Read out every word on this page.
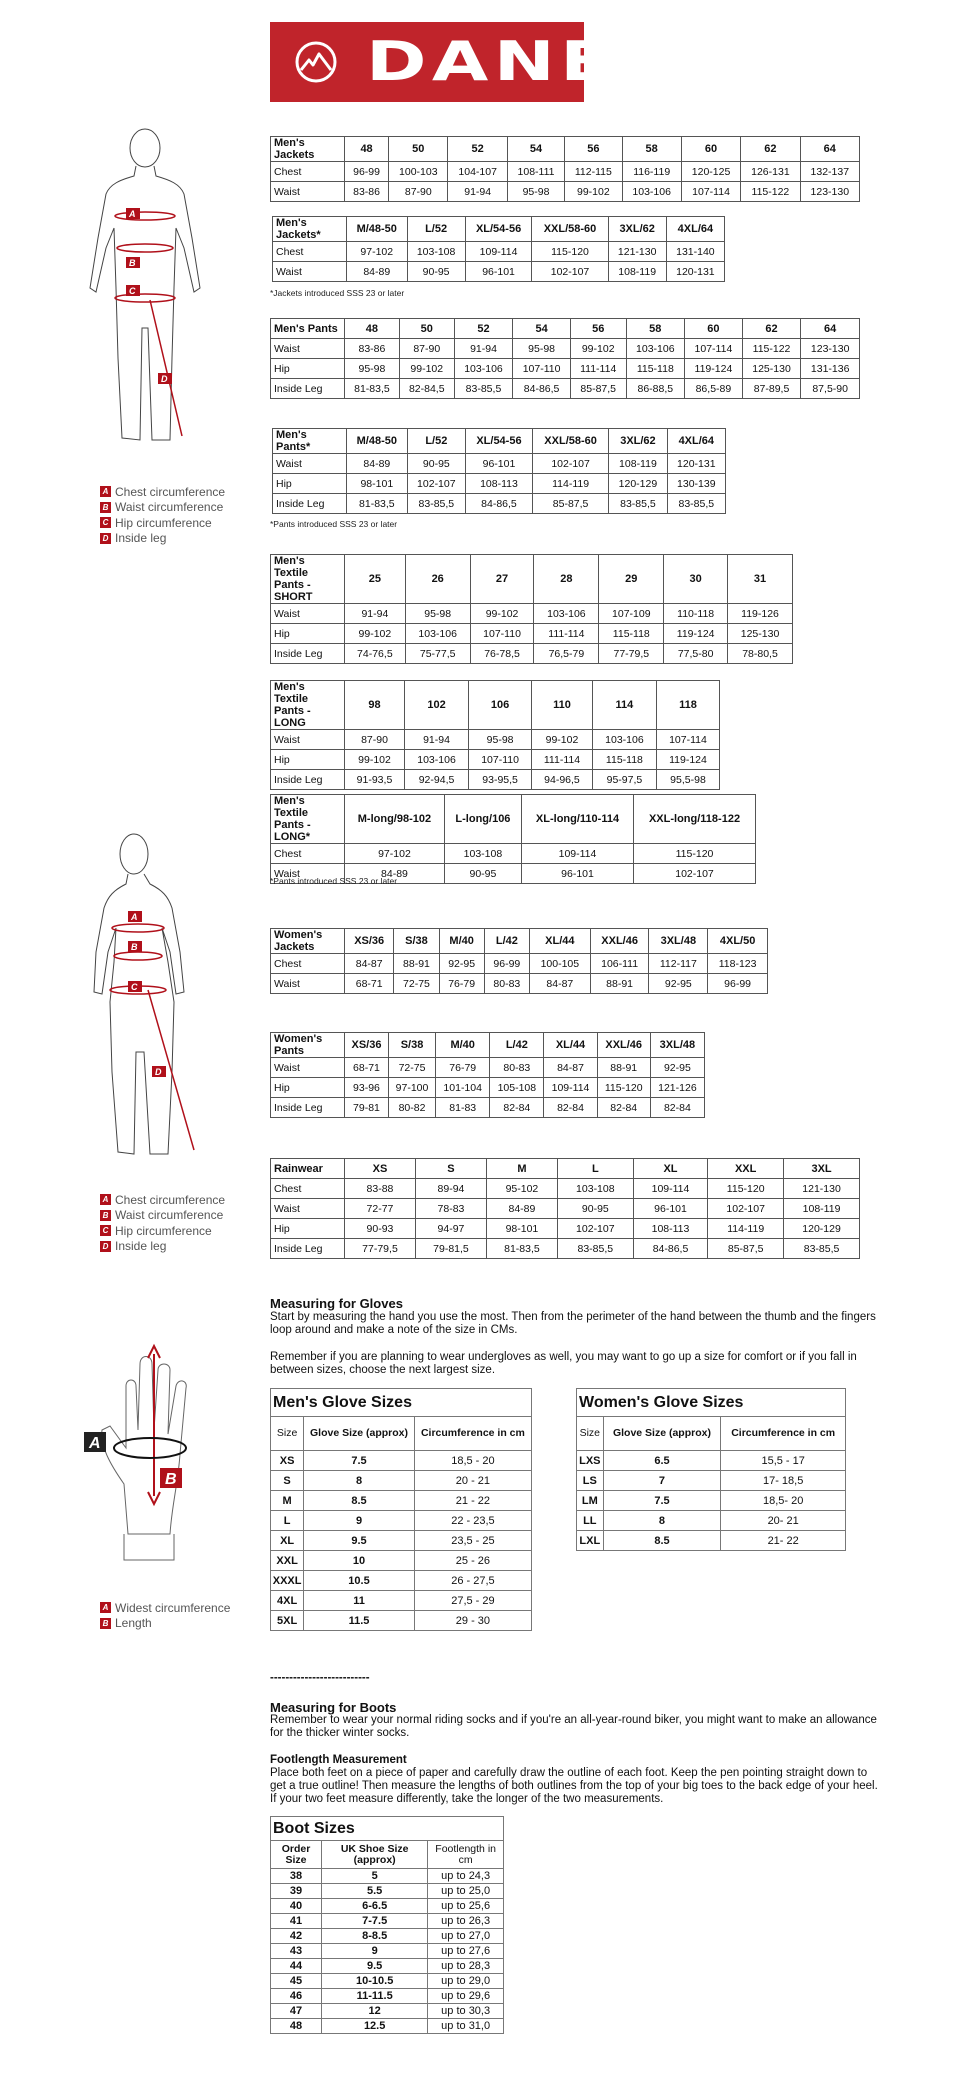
DANE
A
B
C
D
A Chest circumference
B Waist circumference
C Hip circumference
D Inside leg
A
B
C
D
A Chest circumference
B Waist circumference
C Hip circumference
D Inside leg
Men's Jackets	48	50	52	54	56	58	60	62	64
Chest	96-99	100-103	104-107	108-111	112-115	116-119	120-125	126-131	132-137
Waist	83-86	87-90	91-94	95-98	99-102	103-106	107-114	115-122	123-130
Men's Jackets*	M/48-50	L/52	XL/54-56	XXL/58-60	3XL/62	4XL/64
Chest	97-102	103-108	109-114	115-120	121-130	131-140
Waist	84-89	90-95	96-101	102-107	108-119	120-131
*Jackets introduced SSS 23 or later
Men's Pants	48	50	52	54	56	58	60	62	64
Waist	83-86	87-90	91-94	95-98	99-102	103-106	107-114	115-122	123-130
Hip	95-98	99-102	103-106	107-110	111-114	115-118	119-124	125-130	131-136
Inside Leg	81-83,5	82-84,5	83-85,5	84-86,5	85-87,5	86-88,5	86,5-89	87-89,5	87,5-90
Men's Pants*	M/48-50	L/52	XL/54-56	XXL/58-60	3XL/62	4XL/64
Waist	84-89	90-95	96-101	102-107	108-119	120-131
Hip	98-101	102-107	108-113	114-119	120-129	130-139
Inside Leg	81-83,5	83-85,5	84-86,5	85-87,5	83-85,5	83-85,5
*Pants introduced SSS 23 or later
Men's Textile Pants - SHORT	25	26	27	28	29	30	31
Waist	91-94	95-98	99-102	103-106	107-109	110-118	119-126
Hip	99-102	103-106	107-110	111-114	115-118	119-124	125-130
Inside Leg	74-76,5	75-77,5	76-78,5	76,5-79	77-79,5	77,5-80	78-80,5
Men's Textile Pants - LONG	98	102	106	110	114	118
Waist	87-90	91-94	95-98	99-102	103-106	107-114
Hip	99-102	103-106	107-110	111-114	115-118	119-124
Inside Leg	91-93,5	92-94,5	93-95,5	94-96,5	95-97,5	95,5-98
Men's Textile Pants - LONG*	M-long/98-102	L-long/106	XL-long/110-114	XXL-long/118-122
Chest	97-102	103-108	109-114	115-120
Waist	84-89	90-95	96-101	102-107
*Pants introduced SSS 23 or later
Women's Jackets	XS/36	S/38	M/40	L/42	XL/44	XXL/46	3XL/48	4XL/50
Chest	84-87	88-91	92-95	96-99	100-105	106-111	112-117	118-123
Waist	68-71	72-75	76-79	80-83	84-87	88-91	92-95	96-99
Women's Pants	XS/36	S/38	M/40	L/42	XL/44	XXL/46	3XL/48
Waist	68-71	72-75	76-79	80-83	84-87	88-91	92-95
Hip	93-96	97-100	101-104	105-108	109-114	115-120	121-126
Inside Leg	79-81	80-82	81-83	82-84	82-84	82-84	82-84
Rainwear	XS	S	M	L	XL	XXL	3XL
Chest	83-88	89-94	95-102	103-108	109-114	115-120	121-130
Waist	72-77	78-83	84-89	90-95	96-101	102-107	108-119
Hip	90-93	94-97	98-101	102-107	108-113	114-119	120-129
Inside Leg	77-79,5	79-81,5	81-83,5	83-85,5	84-86,5	85-87,5	83-85,5
Measuring for Gloves
Start by measuring the hand you use the most. Then from the perimeter of the hand between the thumb and the fingers loop around and make a note of the size in CMs.
Remember if you are planning to wear undergloves as well, you may want to go up a size for comfort or if you fall in between sizes, choose the next largest size.
A
B
A Widest circumference
B Length
Men's Glove Sizes		
Size	Glove Size (approx)	Circumference in cm
XS	7.5	18,5 - 20
S	8	20 - 21
M	8.5	21 - 22
L	9	22 - 23,5
XL	9.5	23,5 - 25
XXL	10	25 - 26
XXXL	10.5	26 - 27,5
4XL	11	27,5 - 29
5XL	11.5	29 - 30
Women's Glove Sizes		
Size	Glove Size (approx)	Circumference in cm
LXS	6.5	15,5 - 17
LS	7	17- 18,5
LM	7.5	18,5- 20
LL	8	20- 21
LXL	8.5	21- 22
--------------------------
Measuring for Boots
Remember to wear your normal riding socks and if you're an all-year-round biker, you might want to make an allowance for the thicker winter socks.
Footlength Measurement
Place both feet on a piece of paper and carefully draw the outline of each foot. Keep the pen pointing straight down to get a true outline! Then measure the lengths of both outlines from the top of your big toes to the back edge of your heel. If your two feet measure differently, take the longer of the two measurements.
Boot Sizes		
Order Size	UK Shoe Size (approx)	Footlength in cm
38	5	up to 24,3
39	5.5	up to 25,0
40	6-6.5	up to 25,6
41	7-7.5	up to 26,3
42	8-8.5	up to 27,0
43	9	up to 27,6
44	9.5	up to 28,3
45	10-10.5	up to 29,0
46	11-11.5	up to 29,6
47	12	up to 30,3
48	12.5	up to 31,0
